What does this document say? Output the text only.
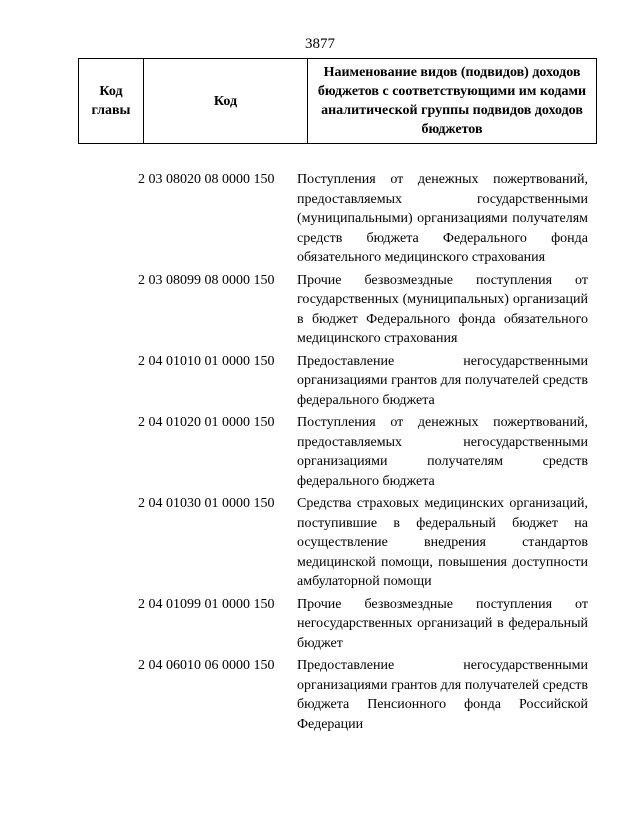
3877
Код главы	Код	Наименование видов (подвидов) доходов бюджетов с соответствующими им кодами аналитической группы подвидов доходов бюджетов
2 03 08020 08 0000 150 Поступления от денежных пожертвований, предоставляемых государственными (муниципальными) организациями получателям средств бюджета Федерального фонда обязательного медицинского страхования
2 03 08099 08 0000 150 Прочие безвозмездные поступления от государственных (муниципальных) организаций в бюджет Федерального фонда обязательного медицинского страхования
2 04 01010 01 0000 150 Предоставление негосударственными организациями грантов для получателей средств федерального бюджета
2 04 01020 01 0000 150 Поступления от денежных пожертвований, предоставляемых негосударственными организациями получателям средств федерального бюджета
2 04 01030 01 0000 150 Средства страховых медицинских организаций, поступившие в федеральный бюджет на осуществление внедрения стандартов медицинской помощи, повышения доступности амбулаторной помощи
2 04 01099 01 0000 150 Прочие безвозмездные поступления от негосударственных организаций в федеральный бюджет
2 04 06010 06 0000 150 Предоставление негосударственными организациями грантов для получателей средств бюджета Пенсионного фонда Российской Федерации
